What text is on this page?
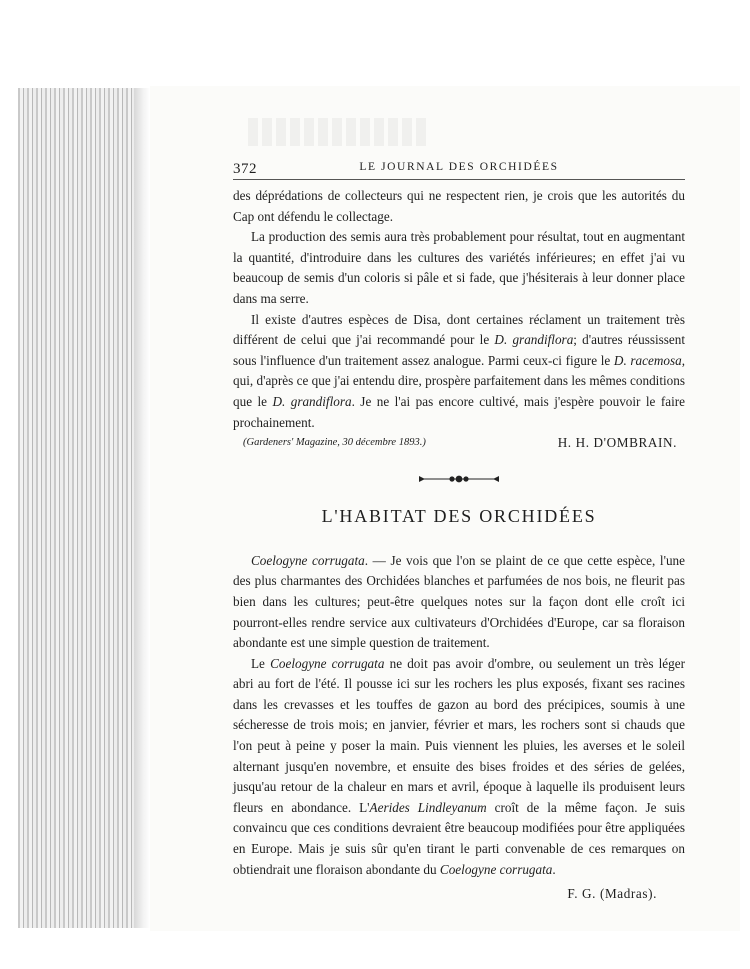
372	LE JOURNAL DES ORCHIDÉES

des déprédations de collecteurs qui ne respectent rien, je crois que les autorités du Cap ont défendu le collectage.

La production des semis aura très probablement pour résultat, tout en augmentant la quantité, d'introduire dans les cultures des variétés inférieures; en effet j'ai vu beaucoup de semis d'un coloris si pâle et si fade, que j'hésiterais à leur donner place dans ma serre.

Il existe d'autres espèces de Disa, dont certaines réclament un traitement très différent de celui que j'ai recommandé pour le D. grandiflora; d'autres réussissent sous l'influence d'un traitement assez analogue. Parmi ceux-ci figure le D. racemosa, qui, d'après ce que j'ai entendu dire, prospère parfaitement dans les mêmes conditions que le D. grandiflora. Je ne l'ai pas encore cultivé, mais j'espère pouvoir le faire prochainement.

(Gardeners' Magazine, 30 décembre 1893.)	H. H. D'OMBRAIN.
L'HABITAT DES ORCHIDÉES

Coelogyne corrugata. — Je vois que l'on se plaint de ce que cette espèce, l'une des plus charmantes des Orchidées blanches et parfumées de nos bois, ne fleurit pas bien dans les cultures; peut-être quelques notes sur la façon dont elle croît ici pourront-elles rendre service aux cultivateurs d'Orchidées d'Europe, car sa floraison abondante est une simple question de traitement.

Le Coelogyne corrugata ne doit pas avoir d'ombre, ou seulement un très léger abri au fort de l'été. Il pousse ici sur les rochers les plus exposés, fixant ses racines dans les crevasses et les touffes de gazon au bord des précipices, soumis à une sécheresse de trois mois; en janvier, février et mars, les rochers sont si chauds que l'on peut à peine y poser la main. Puis viennent les pluies, les averses et le soleil alternant jusqu'en novembre, et ensuite des bises froides et des séries de gelées, jusqu'au retour de la chaleur en mars et avril, époque à laquelle ils produisent leurs fleurs en abondance. L'Aerides Lindleyanum croît de la même façon. Je suis convaincu que ces conditions devraient être beaucoup modifiées pour être appliquées en Europe. Mais je suis sûr qu'en tirant le parti convenable de ces remarques on obtiendrait une floraison abondante du Coelogyne corrugata.

F. G. (Madras).
